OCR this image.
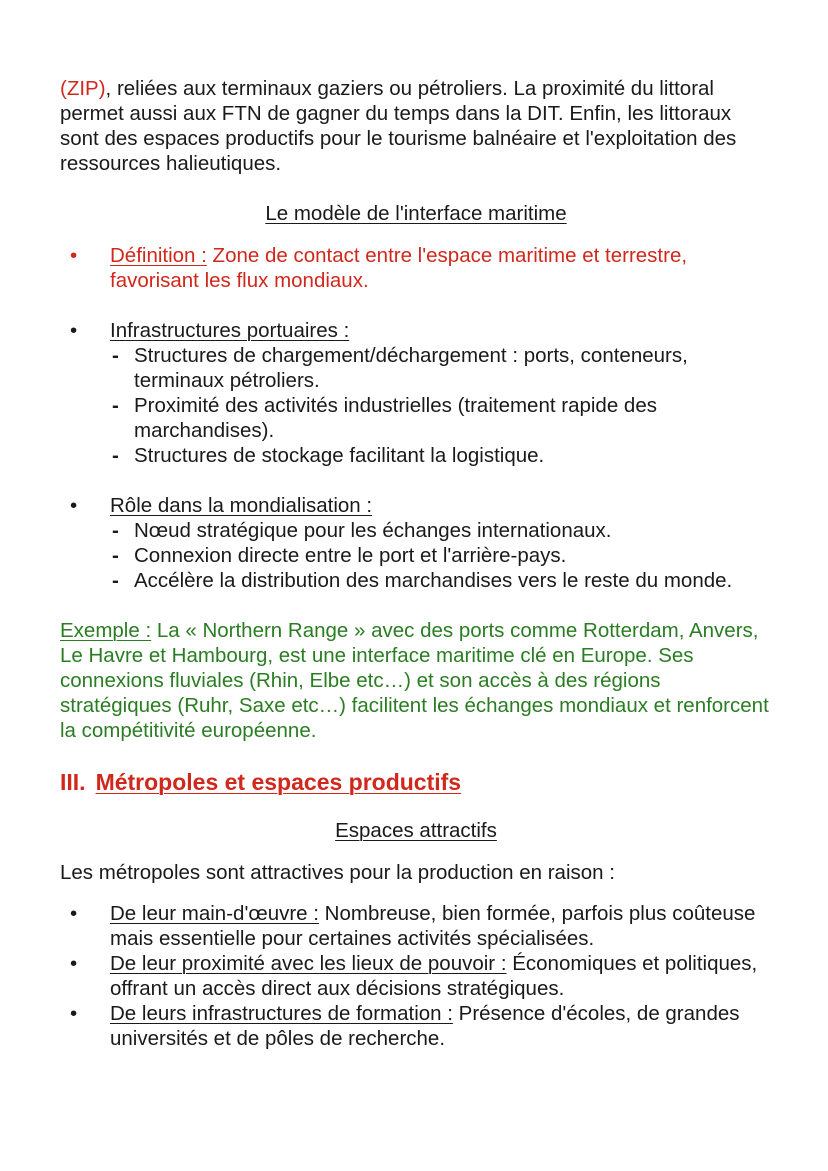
(ZIP), reliées aux terminaux gaziers ou pétroliers. La proximité du littoral permet aussi aux FTN de gagner du temps dans la DIT. Enfin, les littoraux sont des espaces productifs pour le tourisme balnéaire et l'exploitation des ressources halieutiques.

Le modèle de l'interface maritime

• Définition : Zone de contact entre l'espace maritime et terrestre, favorisant les flux mondiaux.
• Infrastructures portuaires :
- Structures de chargement/déchargement : ports, conteneurs, terminaux pétroliers.
- Proximité des activités industrielles (traitement rapide des marchandises).
- Structures de stockage facilitant la logistique.
• Rôle dans la mondialisation :
- Nœud stratégique pour les échanges internationaux.
- Connexion directe entre le port et l'arrière-pays.
- Accélère la distribution des marchandises vers le reste du monde.

Exemple : La « Northern Range » avec des ports comme Rotterdam, Anvers, Le Havre et Hambourg, est une interface maritime clé en Europe. Ses connexions fluviales (Rhin, Elbe etc…) et son accès à des régions stratégiques (Ruhr, Saxe etc…) facilitent les échanges mondiaux et renforcent la compétitivité européenne.

III. Métropoles et espaces productifs

Espaces attractifs

Les métropoles sont attractives pour la production en raison :

• De leur main-d'œuvre : Nombreuse, bien formée, parfois plus coûteuse mais essentielle pour certaines activités spécialisées.
• De leur proximité avec les lieux de pouvoir : Économiques et politiques, offrant un accès direct aux décisions stratégiques.
• De leurs infrastructures de formation : Présence d'écoles, de grandes universités et de pôles de recherche.
